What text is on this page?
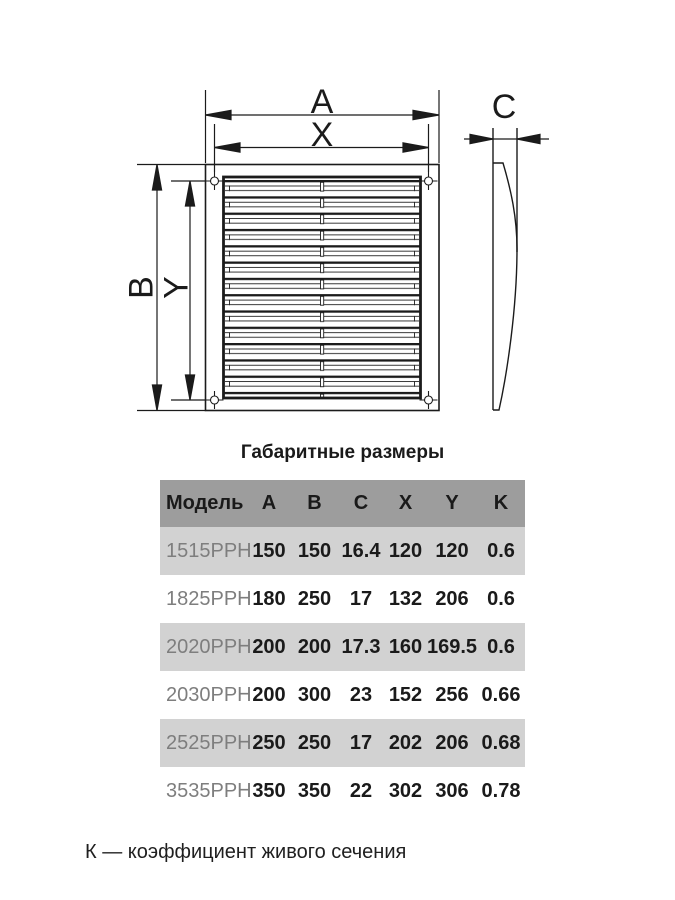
A
X
B
Y
C
Габаритные размеры
Модель A	B	C	X	Y	K
1515PPH 150 150 16.4 120 120 0.6
1825PPH 180 250 17 132 206 0.6
2020PPH 200 200 17.3 160 169.5 0.6
2030PPH 200 300 23 152 256 0.66
2525PPH 250 250 17 202 206 0.68
3535PPH 350 350 22 302 306 0.78
К — коэффициент живого сечения
